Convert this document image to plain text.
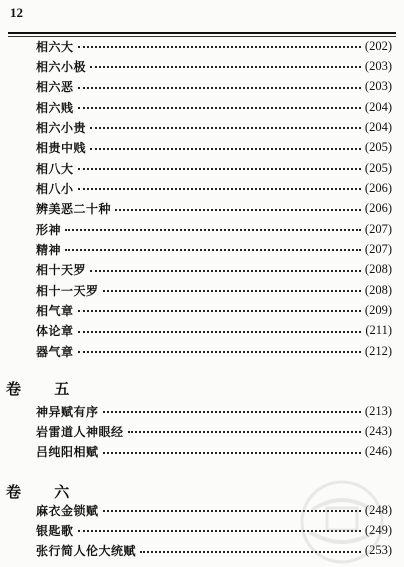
12
相六大	(202)
相六小极	(203)
相六恶	(203)
相六贱	(204)
相六小贵	(204)
相贵中贱	(205)
相八大	(205)
相八小	(206)
辨美恶二十种	(206)
形神	(207)
精神	(207)
相十天罗	(208)
相十一天罗	(208)
相气章	(209)
体论章	(211)
器气章	(212)
卷 五
神异赋有序	(213)
岩雷道人神眼经	(243)
吕纯阳相赋	(246)
卷 六
麻衣金锁赋	(248)
银匙歌	(249)
张行简人伦大统赋	(253)
